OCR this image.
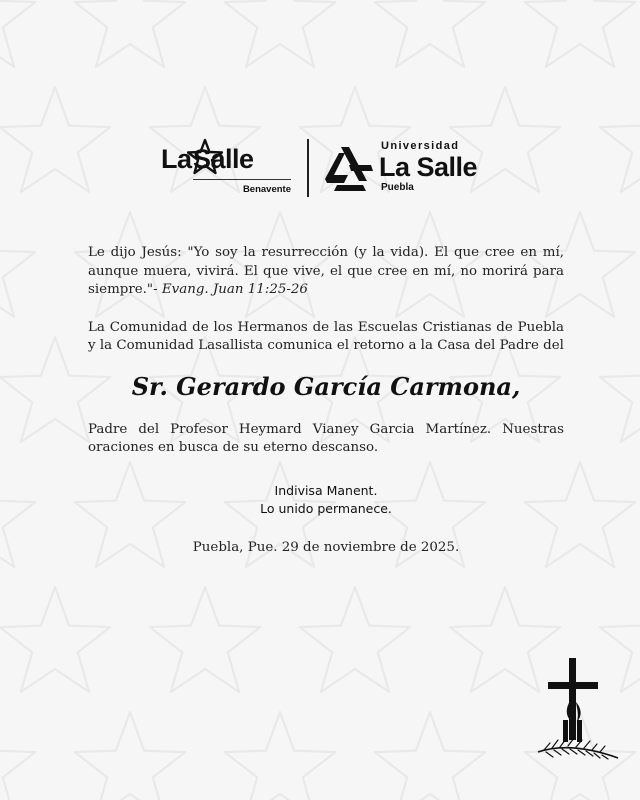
LaSalle
Benavente
Universidad
La Salle
Puebla

Le dijo Jesús: "Yo soy la resurrección (y la vida). El que cree en mí, aunque muera, vivirá. El que vive, el que cree en mí, no morirá para siempre."- Evang. Juan 11:25-26

La Comunidad de los Hermanos de las Escuelas Cristianas de Puebla y la Comunidad Lasallista comunica el retorno a la Casa del Padre del

Sr. Gerardo García Carmona,

Padre del Profesor Heymard Vianey Garcia Martínez. Nuestras oraciones en busca de su eterno descanso.

Indivisa Manent.
Lo unido permanece.
Puebla, Pue. 29 de noviembre de 2025.
